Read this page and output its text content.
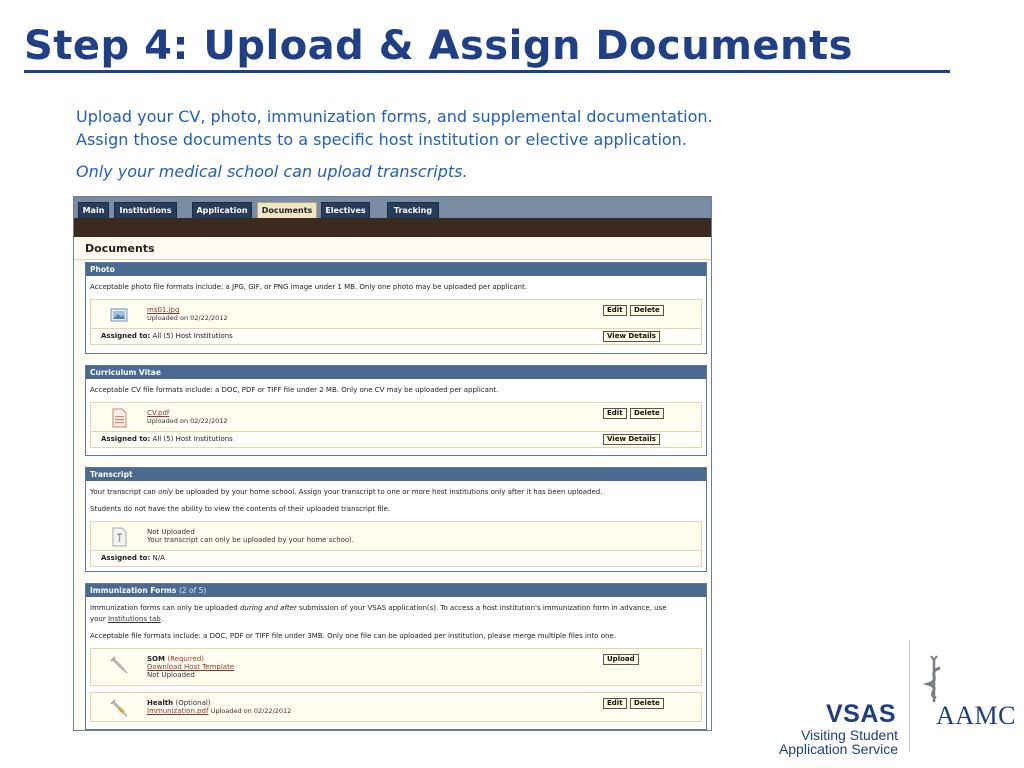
Step 4: Upload & Assign Documents
Upload your CV, photo, immunization forms, and supplemental documentation.
Assign those documents to a specific host institution or elective application.
Only your medical school can upload transcripts.
Main	Institutions	Application	Documents	Electives	Tracking
Documents
Photo
Acceptable photo file formats include: a JPG, GIF, or PNG image under 1 MB. Only one photo may be uploaded per applicant.
ms01.jpg
Uploaded on 02/22/2012
Edit	Delete
Assigned to: All (5) Host Institutions	View Details
Curriculum Vitae
Acceptable CV file formats include: a DOC, PDF or TIFF file under 2 MB. Only one CV may be uploaded per applicant.
CV.pdf
Uploaded on 02/22/2012
Edit	Delete
Assigned to: All (5) Host Institutions	View Details
Transcript
Your transcript can only be uploaded by your home school. Assign your transcript to one or more host institutions only after it has been uploaded.
Students do not have the ability to view the contents of their uploaded transcript file.
Not Uploaded
Your transcript can only be uploaded by your home school.
Assigned to: N/A
Immunization Forms (2 of 5)
Immunization forms can only be uploaded during and after submission of your VSAS application(s). To access a host institution's immunization form in advance, use
your Institutions tab.
Acceptable file formats include: a DOC, PDF or TIFF file under 3MB. Only one file can be uploaded per institution, please merge multiple files into one.
SOM (Required)
Download Host Template
Not Uploaded
Upload
Health (Optional)
Immunization.pdf Uploaded on 02/22/2012
Edit	Delete	VSAS
Visiting Student
Application Service
AAMC
